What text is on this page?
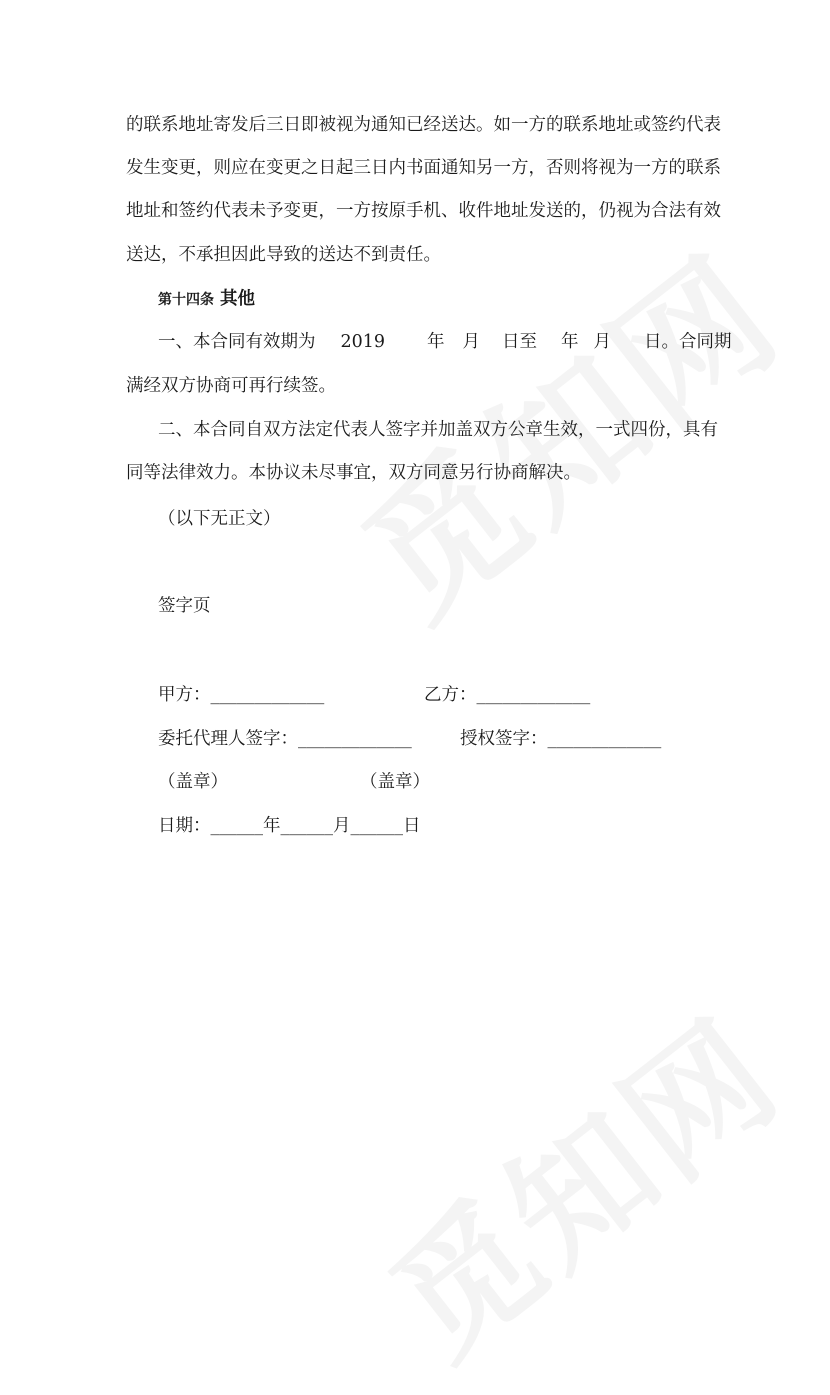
的联系地址寄发后三日即被视为通知已经送达。如一方的联系地址或签约代表
发生变更，则应在变更之日起三日内书面通知另一方，否则将视为一方的联系
地址和签约代表未予变更，一方按原手机、收件地址发送的，仍视为合法有效
送达，不承担因此导致的送达不到责任。
第十四条 其他
一、本合同有效期为 2019 年 月 日至 年 月 日。合同期
满经双方协商可再行续签。
二、本合同自双方法定代表人签字并加盖双方公章生效，一式四份，具有
同等法律效力。本协议未尽事宜，双方同意另行协商解决。
（以下无正文）
签字页
甲方：_____________	乙方：_____________
委托代理人签字：_____________	授权签字：_____________
（盖章）	（盖章）
日期：______年______月______日
